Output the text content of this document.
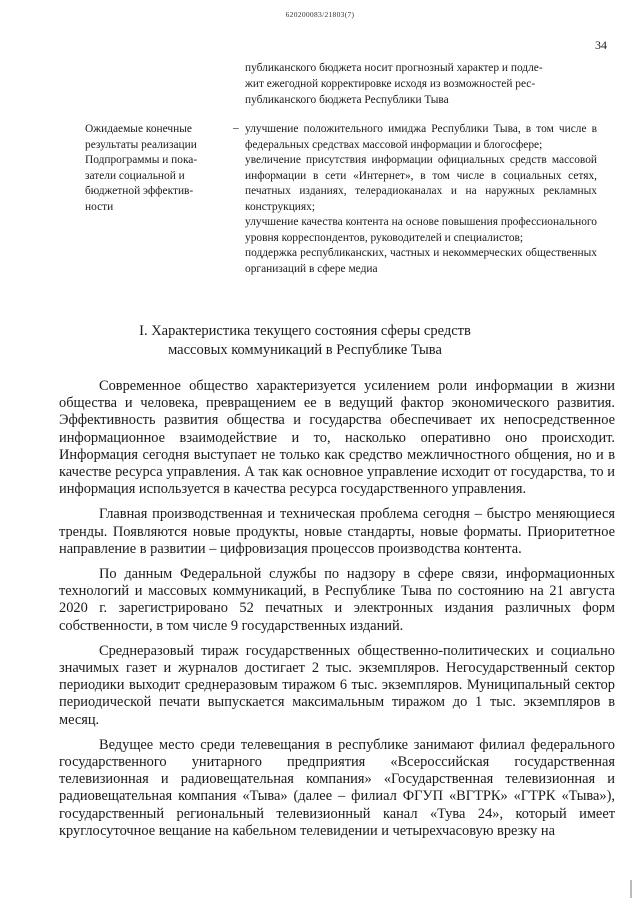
620200083/21803(7)
34

публиканского бюджета носит прогнозный характер и подле-

жит ежегодной корректировке исходя из возможностей рес-

публиканского бюджета Республики Тыва

Ожидаемые конечные
результаты реализации
Подпрограммы и пока-
затели социальной и
бюджетной эффектив-
ности
– улучшение положительного имиджа Республики Тыва, в том числе в федеральных средствах массовой информации и блогосфере;

увеличение присутствия информации официальных средств массовой информации в сети «Интернет», в том числе в социальных сетях, печатных изданиях, телерадиоканалах и на наружных рекламных конструкциях;

улучшение качества контента на основе повышения профессионального уровня корреспондентов, руководителей и специалистов;

поддержка республиканских, частных и некоммерческих общественных организаций в сфере медиа

I. Характеристика текущего состояния сферы средств
массовых коммуникаций в Республике Тыва

Современное общество характеризуется усилением роли информации в жизни общества и человека, превращением ее в ведущий фактор экономического развития. Эффективность развития общества и государства обеспечивает их непосредственное информационное взаимодействие и то, насколько оперативно оно происходит. Информация сегодня выступает не только как средство межличностного общения, но и в качестве ресурса управления. А так как основное управление исходит от государства, то и информация используется в качества ресурса государственного управления.

Главная производственная и техническая проблема сегодня – быстро меняющиеся тренды. Появляются новые продукты, новые стандарты, новые форматы. Приоритетное направление в развитии – цифровизация процессов производства контента.

По данным Федеральной службы по надзору в сфере связи, информационных технологий и массовых коммуникаций, в Республике Тыва по состоянию на 21 августа 2020 г. зарегистрировано 52 печатных и электронных издания различных форм собственности, в том числе 9 государственных изданий.

Среднеразовый тираж государственных общественно-политических и социально значимых газет и журналов достигает 2 тыс. экземпляров. Негосударственный сектор периодики выходит среднеразовым тиражом 6 тыс. экземпляров. Муниципальный сектор периодической печати выпускается максимальным тиражом до 1 тыс. экземпляров в месяц.

Ведущее место среди телевещания в республике занимают филиал федерального государственного унитарного предприятия «Всероссийская государственная телевизионная и радиовещательная компания» «Государственная телевизионная и радиовещательная компания «Тыва» (далее – филиал ФГУП «ВГТРК» «ГТРК «Тыва»), государственный региональный телевизионный канал «Тува 24», который имеет круглосуточное вещание на кабельном телевидении и четырехчасовую врезку на
